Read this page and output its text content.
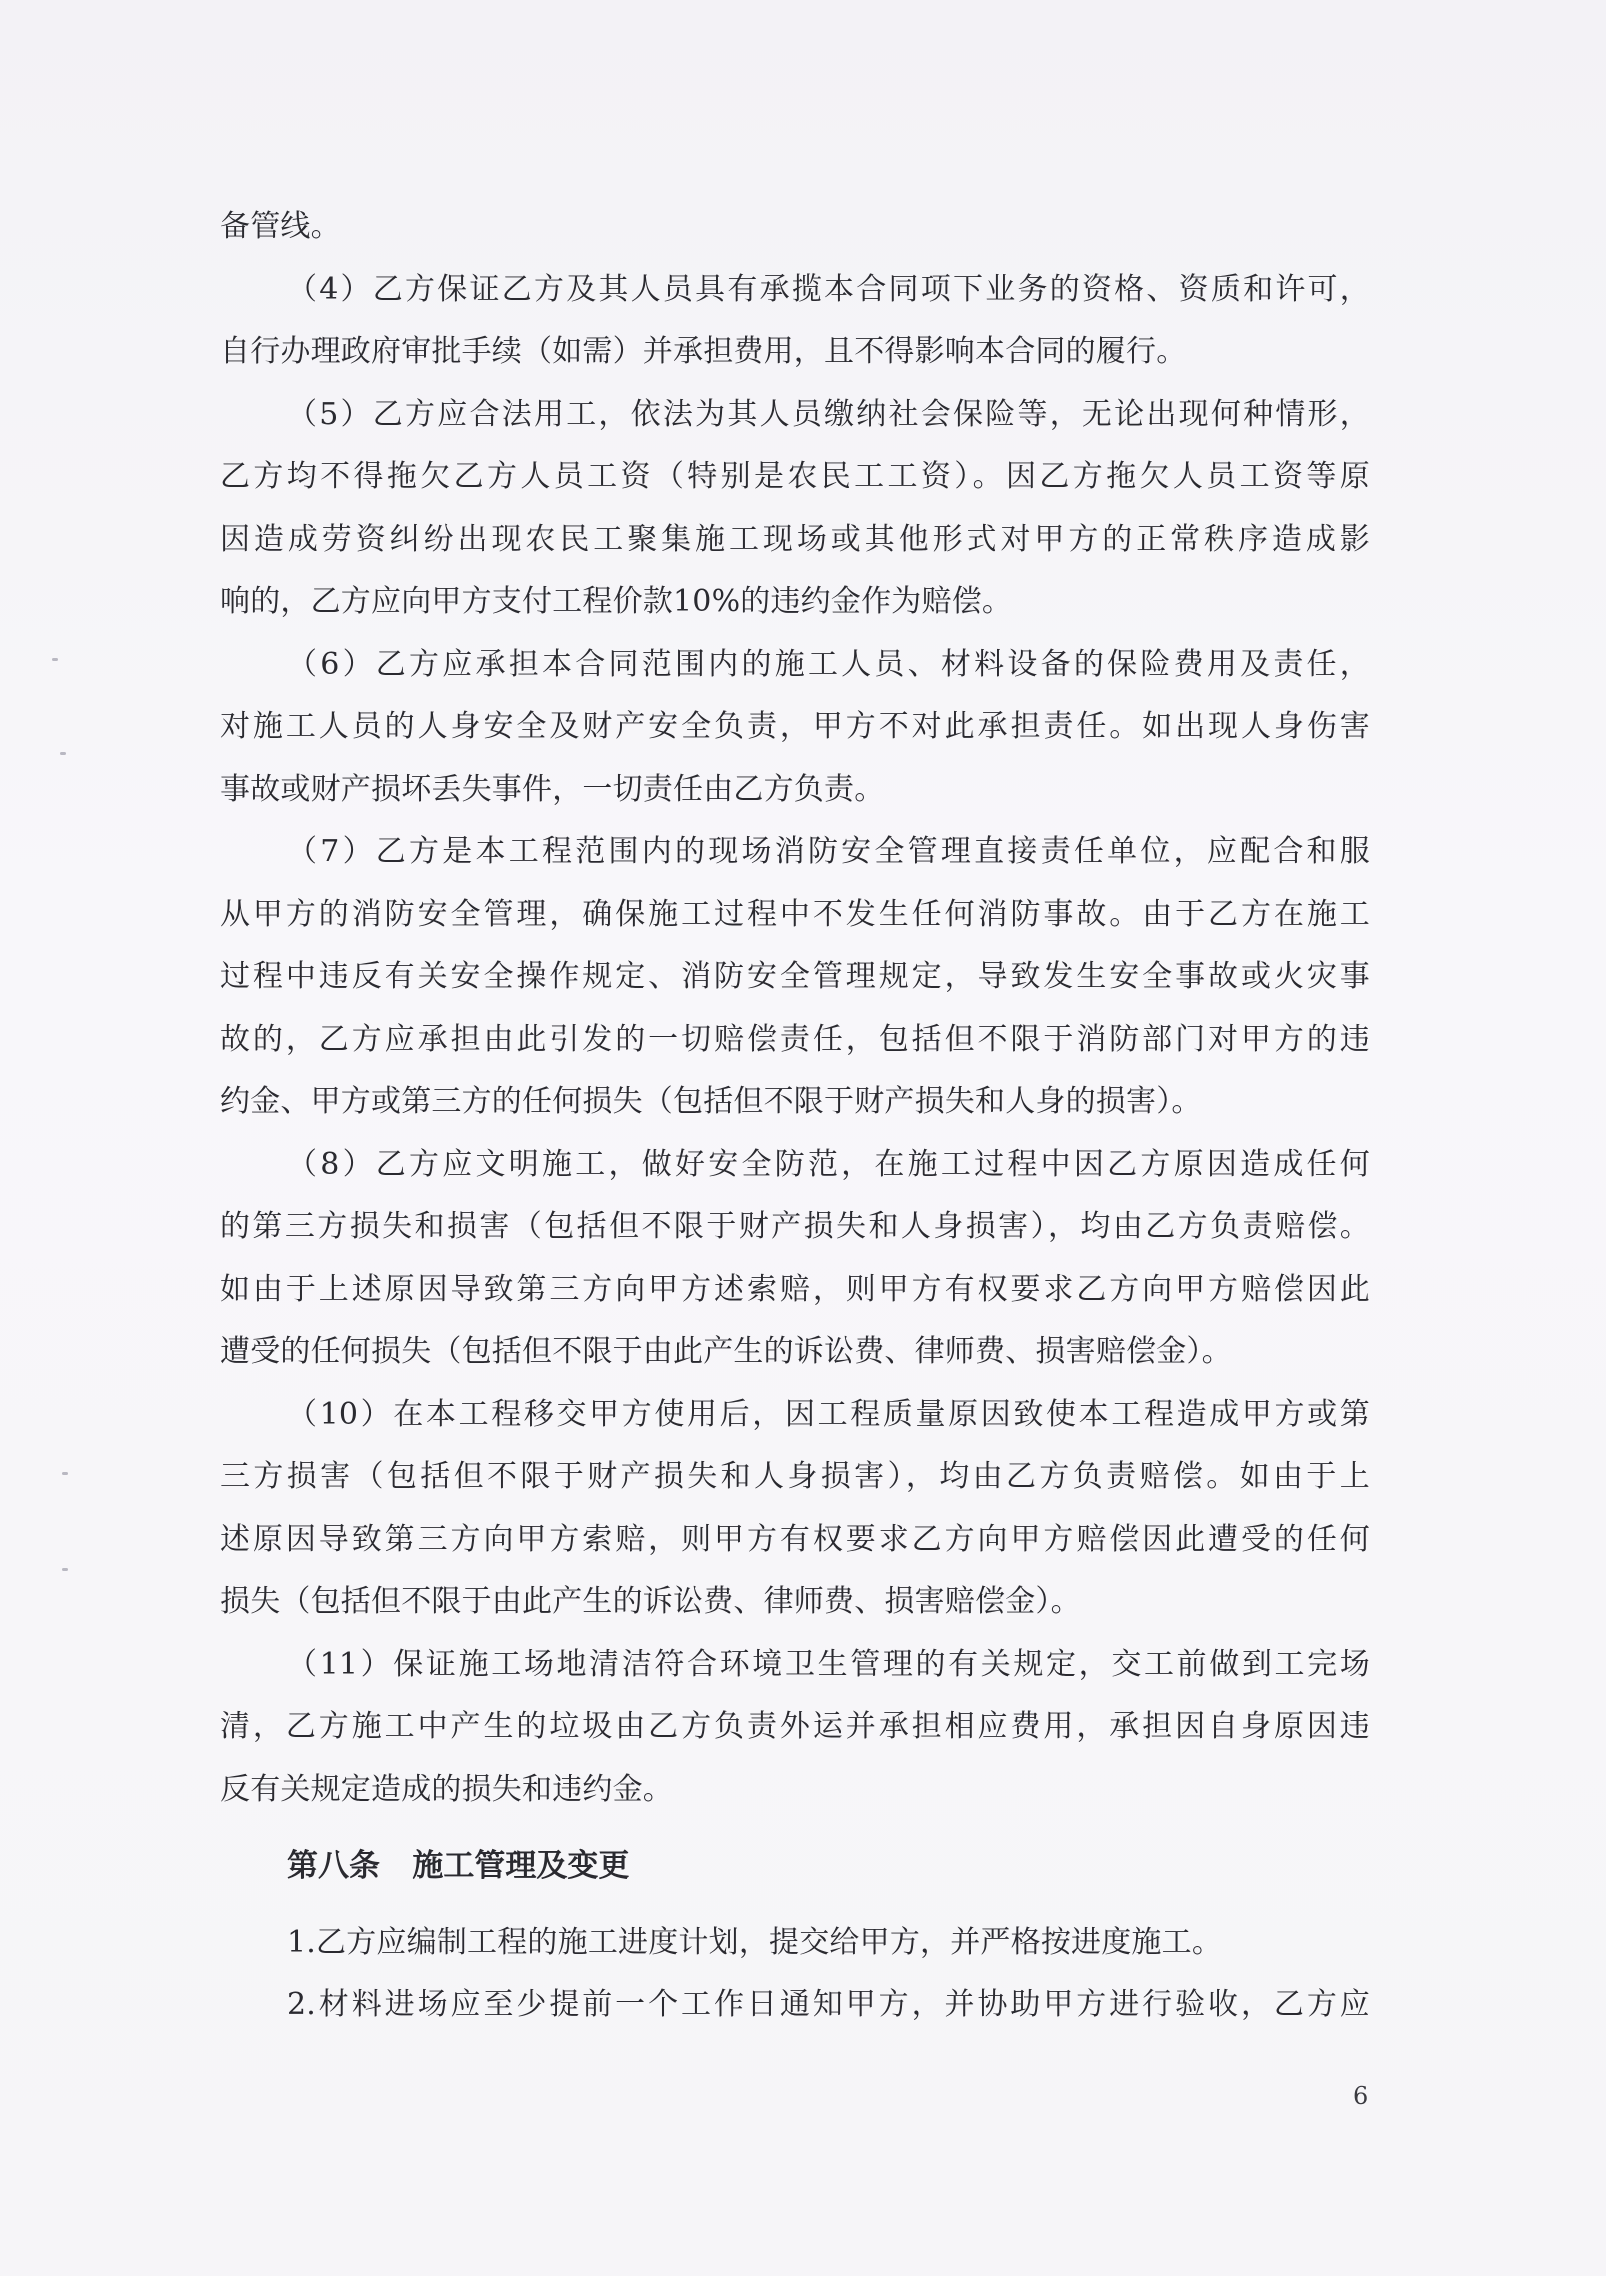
备管线。
（4）乙方保证乙方及其人员具有承揽本合同项下业务的资格、资质和许可，
自行办理政府审批手续（如需）并承担费用，且不得影响本合同的履行。
（5）乙方应合法用工，依法为其人员缴纳社会保险等，无论出现何种情形，
乙方均不得拖欠乙方人员工资（特别是农民工工资）。因乙方拖欠人员工资等原
因造成劳资纠纷出现农民工聚集施工现场或其他形式对甲方的正常秩序造成影
响的，乙方应向甲方支付工程价款10%的违约金作为赔偿。
（6）乙方应承担本合同范围内的施工人员、材料设备的保险费用及责任，
对施工人员的人身安全及财产安全负责，甲方不对此承担责任。如出现人身伤害
事故或财产损坏丢失事件，一切责任由乙方负责。
（7）乙方是本工程范围内的现场消防安全管理直接责任单位，应配合和服
从甲方的消防安全管理，确保施工过程中不发生任何消防事故。由于乙方在施工
过程中违反有关安全操作规定、消防安全管理规定，导致发生安全事故或火灾事
故的，乙方应承担由此引发的一切赔偿责任，包括但不限于消防部门对甲方的违
约金、甲方或第三方的任何损失（包括但不限于财产损失和人身的损害）。
（8）乙方应文明施工，做好安全防范，在施工过程中因乙方原因造成任何
的第三方损失和损害（包括但不限于财产损失和人身损害），均由乙方负责赔偿。
如由于上述原因导致第三方向甲方述索赔，则甲方有权要求乙方向甲方赔偿因此
遭受的任何损失（包括但不限于由此产生的诉讼费、律师费、损害赔偿金）。
（10）在本工程移交甲方使用后，因工程质量原因致使本工程造成甲方或第
三方损害（包括但不限于财产损失和人身损害），均由乙方负责赔偿。如由于上
述原因导致第三方向甲方索赔，则甲方有权要求乙方向甲方赔偿因此遭受的任何
损失（包括但不限于由此产生的诉讼费、律师费、损害赔偿金）。
（11）保证施工场地清洁符合环境卫生管理的有关规定，交工前做到工完场
清，乙方施工中产生的垃圾由乙方负责外运并承担相应费用，承担因自身原因违
反有关规定造成的损失和违约金。
第八条   施工管理及变更
1.乙方应编制工程的施工进度计划，提交给甲方，并严格按进度施工。
2.材料进场应至少提前一个工作日通知甲方，并协助甲方进行验收，乙方应
6
